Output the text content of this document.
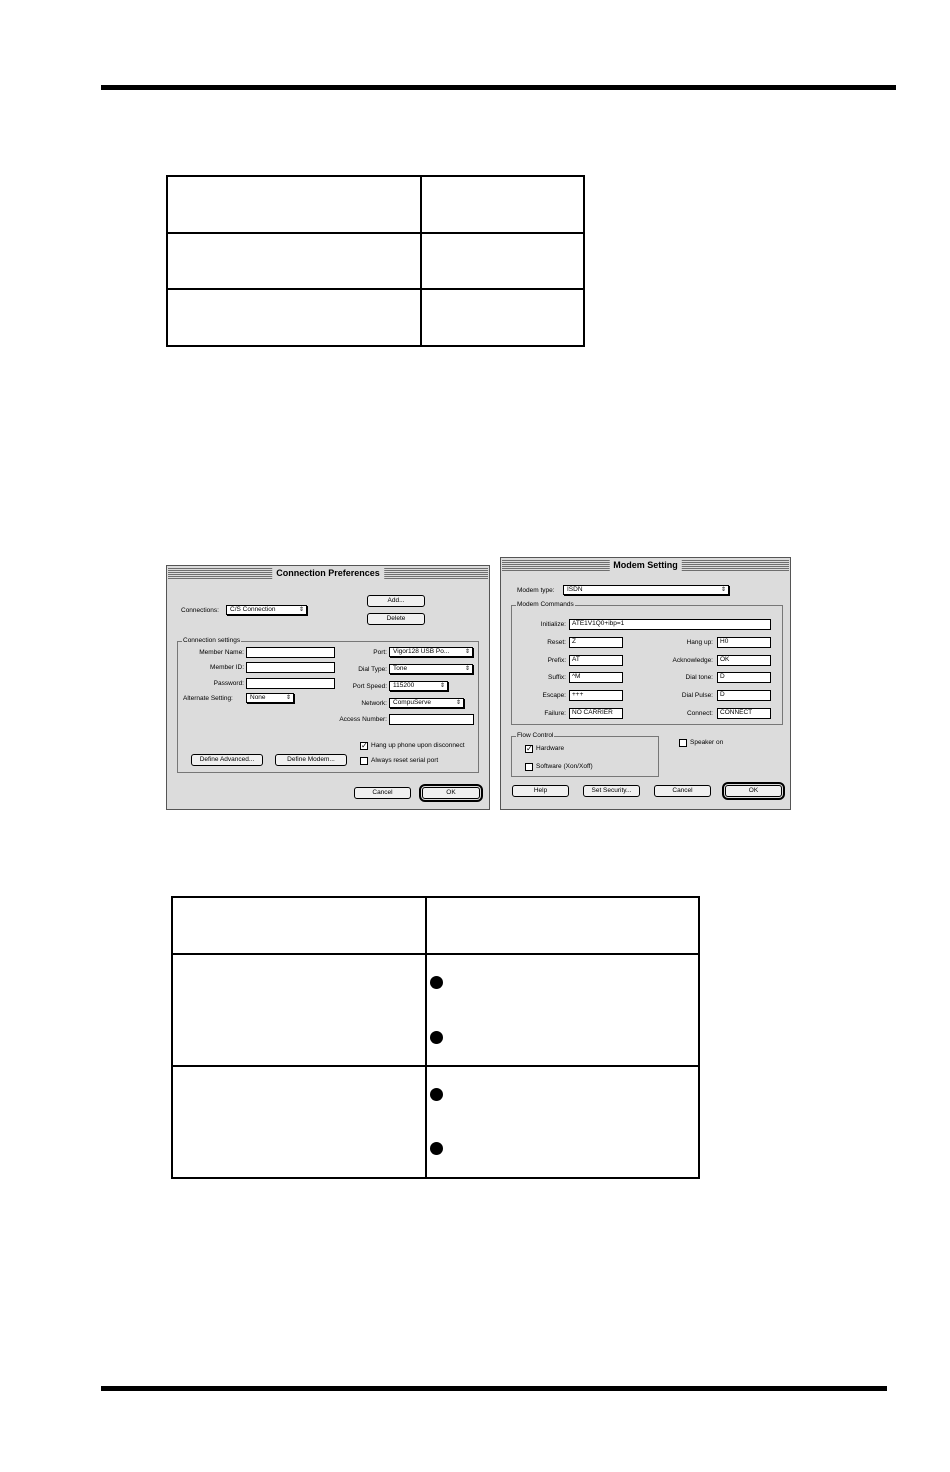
Connection Preferences
Connections:	C/S Connection	⇕
Add...
Delete
Connection settings
Member Name:
Member ID:
Password:
Alternate Setting:	None	⇕
Port: Vigor128 USB Po...	⇕
Dial Type: Tone	⇕
Port Speed: 115200	⇕
Network: CompuServe	⇕
Access Number:
✓ Hang up phone upon disconnect
Always reset serial port
Define Advanced...	Define Modem...
Cancel	OK
Modem Setting
Modem type:	ISDN	⇕
Modem Commands
Initialize: ATE1V1Q0+ibp=1
Reset: Z
Prefix: AT
Suffix: ^M
Escape: +++
Failure: NO CARRIER
Hang up:	H0
Acknowledge:	OK
Dial tone:	D
Dial Pulse:	D
Connect:	CONNECT
Flow Control
✓ Hardware
Software (Xon/Xoff)
Speaker on
Help	Set Security...	Cancel	OK
